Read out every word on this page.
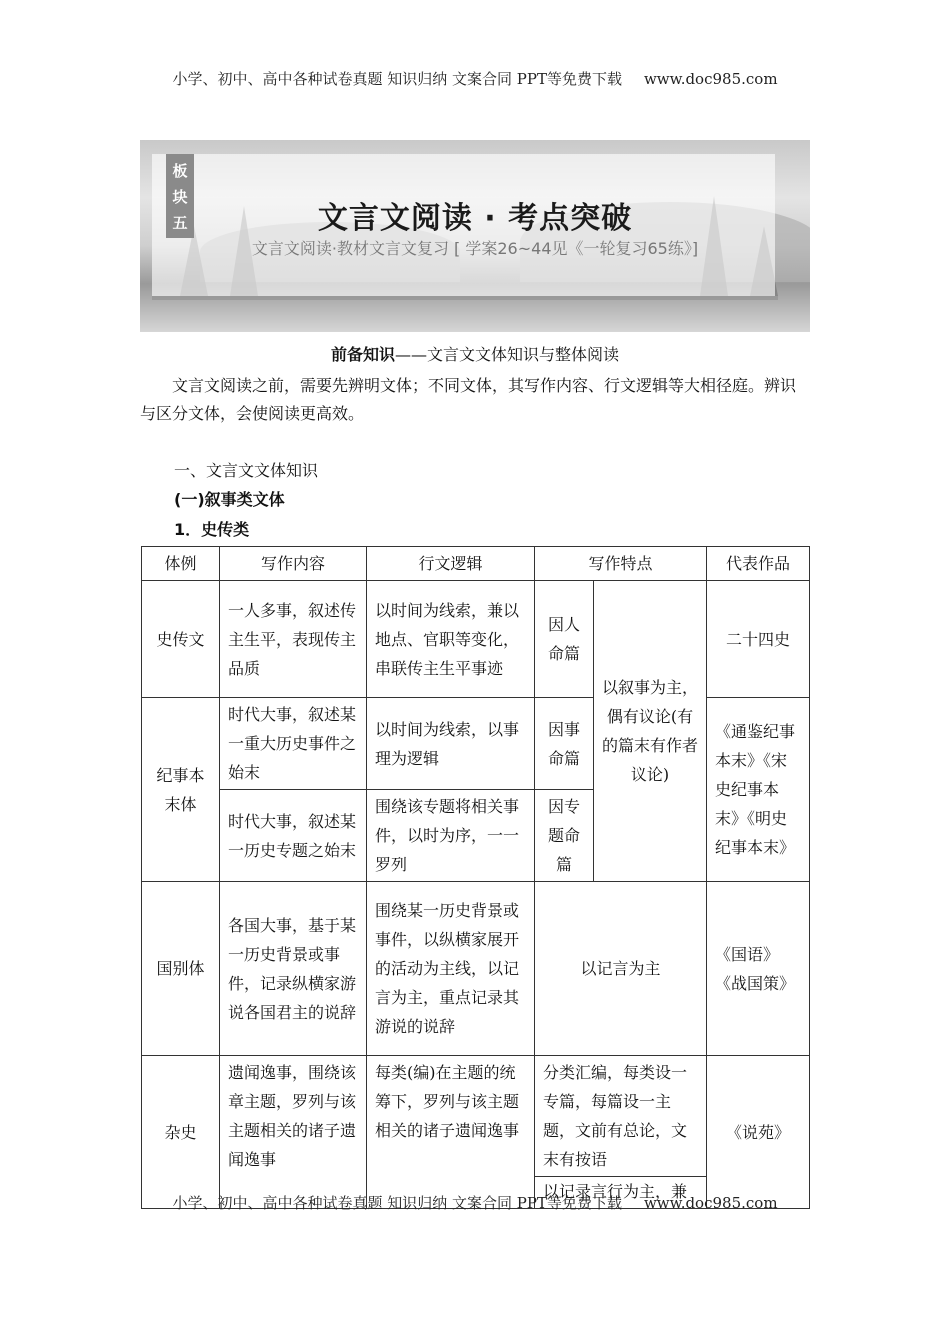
小学、初中、高中各种试卷真题 知识归纳 文案合同 PPT等免费下载 www.doc985.com
板块五	文言文阅读 · 考点突破
文言文阅读·教材文言文复习 [ 学案26~44见《一轮复习65练》]
前备知识——文言文文体知识与整体阅读

文言文阅读之前，需要先辨明文体；不同文体，其写作内容、行文逻辑等大相径庭。辨识与区分文体，会使阅读更高效。

一、文言文文体知识
(一)叙事类文体
1．史传类
体例	写作内容	行文逻辑	写作特点		代表作品
史传文	一人多事，叙述传主生平，表现传主品质	以时间为线索，兼以地点、官职等变化，串联传主生平事迹	因人命篇	以叙事为主，偶有议论(有的篇末有作者议论)	二十四史
纪事本末体	时代大事，叙述某一重大历史事件之始末	以时间为线索，以事理为逻辑	因事命篇		《通鉴纪事本末》《宋史纪事本末》《明史纪事本末》
	时代大事，叙述某一历史专题之始末	围绕该专题将相关事件，以时为序，一一罗列	因专题命篇		
国别体	各国大事，基于某一历史背景或事件，记录纵横家游说各国君主的说辞	围绕某一历史背景或事件，以纵横家展开的活动为主线，以记言为主，重点记录其游说的说辞	以记言为主		《国语》《战国策》
杂史	遗闻逸事，围绕该章主题，罗列与该主题相关的诸子遗闻逸事	每类(编)在主题的统筹下，罗列与该主题相关的诸子遗闻逸事	分类汇编，每类设一专篇，每篇设一主题，文前有总论，文末有按语		《说苑》
			以记录言行为主，兼		
小学、初中、高中各种试卷真题 知识归纳 文案合同 PPT等免费下载 www.doc985.com
